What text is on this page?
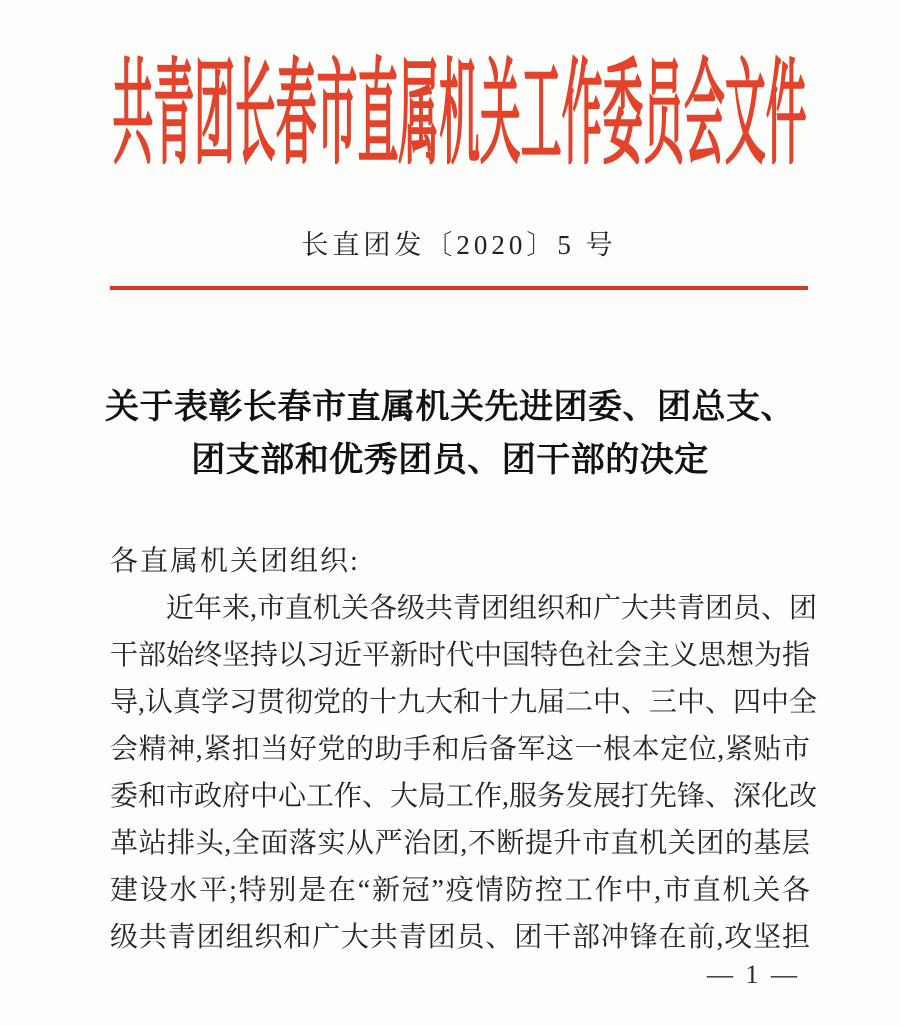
共青团长春市直属机关工作委员会文件
长直团发〔2020〕5 号
关于表彰长春市直属机关先进团委、团总支、
团支部和优秀团员、团干部的决定
各直属机关团组织:
近年来,市直机关各级共青团组织和广大共青团员、团
干部始终坚持以习近平新时代中国特色社会主义思想为指
导,认真学习贯彻党的十九大和十九届二中、三中、四中全
会精神,紧扣当好党的助手和后备军这一根本定位,紧贴市
委和市政府中心工作、大局工作,服务发展打先锋、深化改
革站排头,全面落实从严治团,不断提升市直机关团的基层
建设水平;特别是在“新冠”疫情防控工作中,市直机关各
级共青团组织和广大共青团员、团干部冲锋在前,攻坚担
— 1 —
